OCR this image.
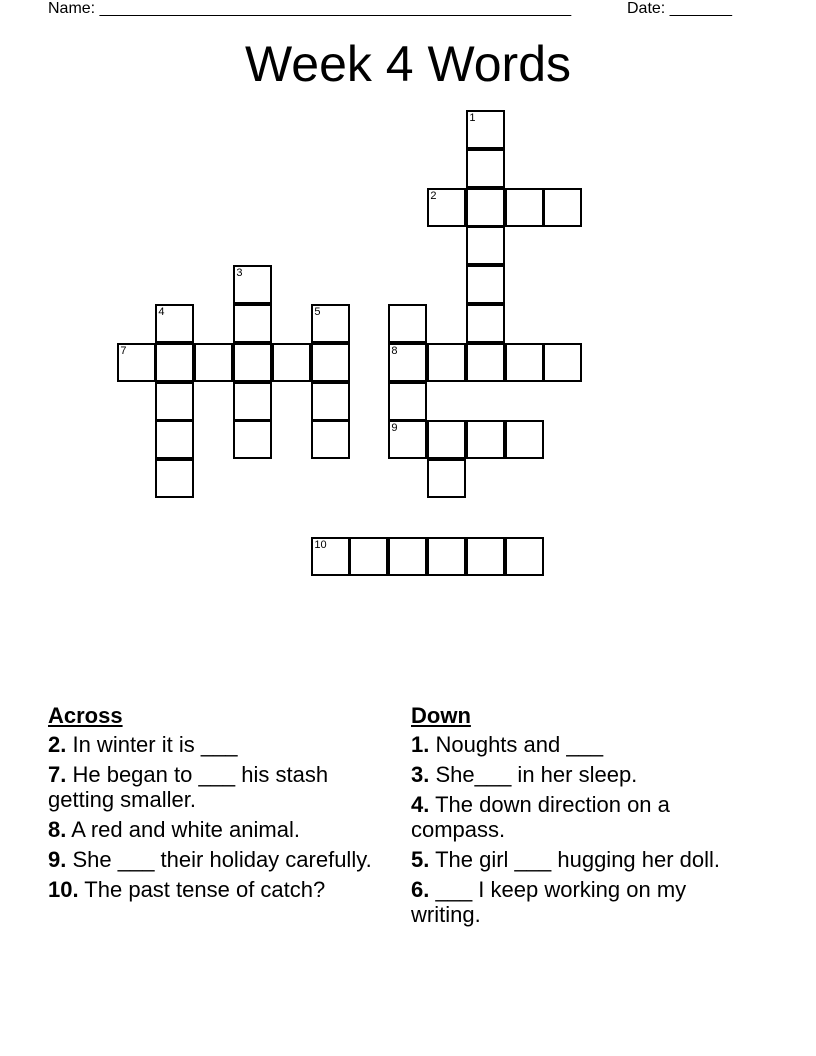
Name: _____________________________________________________	Date: _______
Week 4 Words
1
2
3
4	5
7	8
9
10
Across
2. In winter it is ___
7. He began to ___ his stash getting smaller.
8. A red and white animal.
9. She ___ their holiday carefully.
10. The past tense of catch?
Down
1. Noughts and ___
3. She___ in her sleep.
4. The down direction on a compass.
5. The girl ___ hugging her doll.
6. ___ I keep working on my writing.
